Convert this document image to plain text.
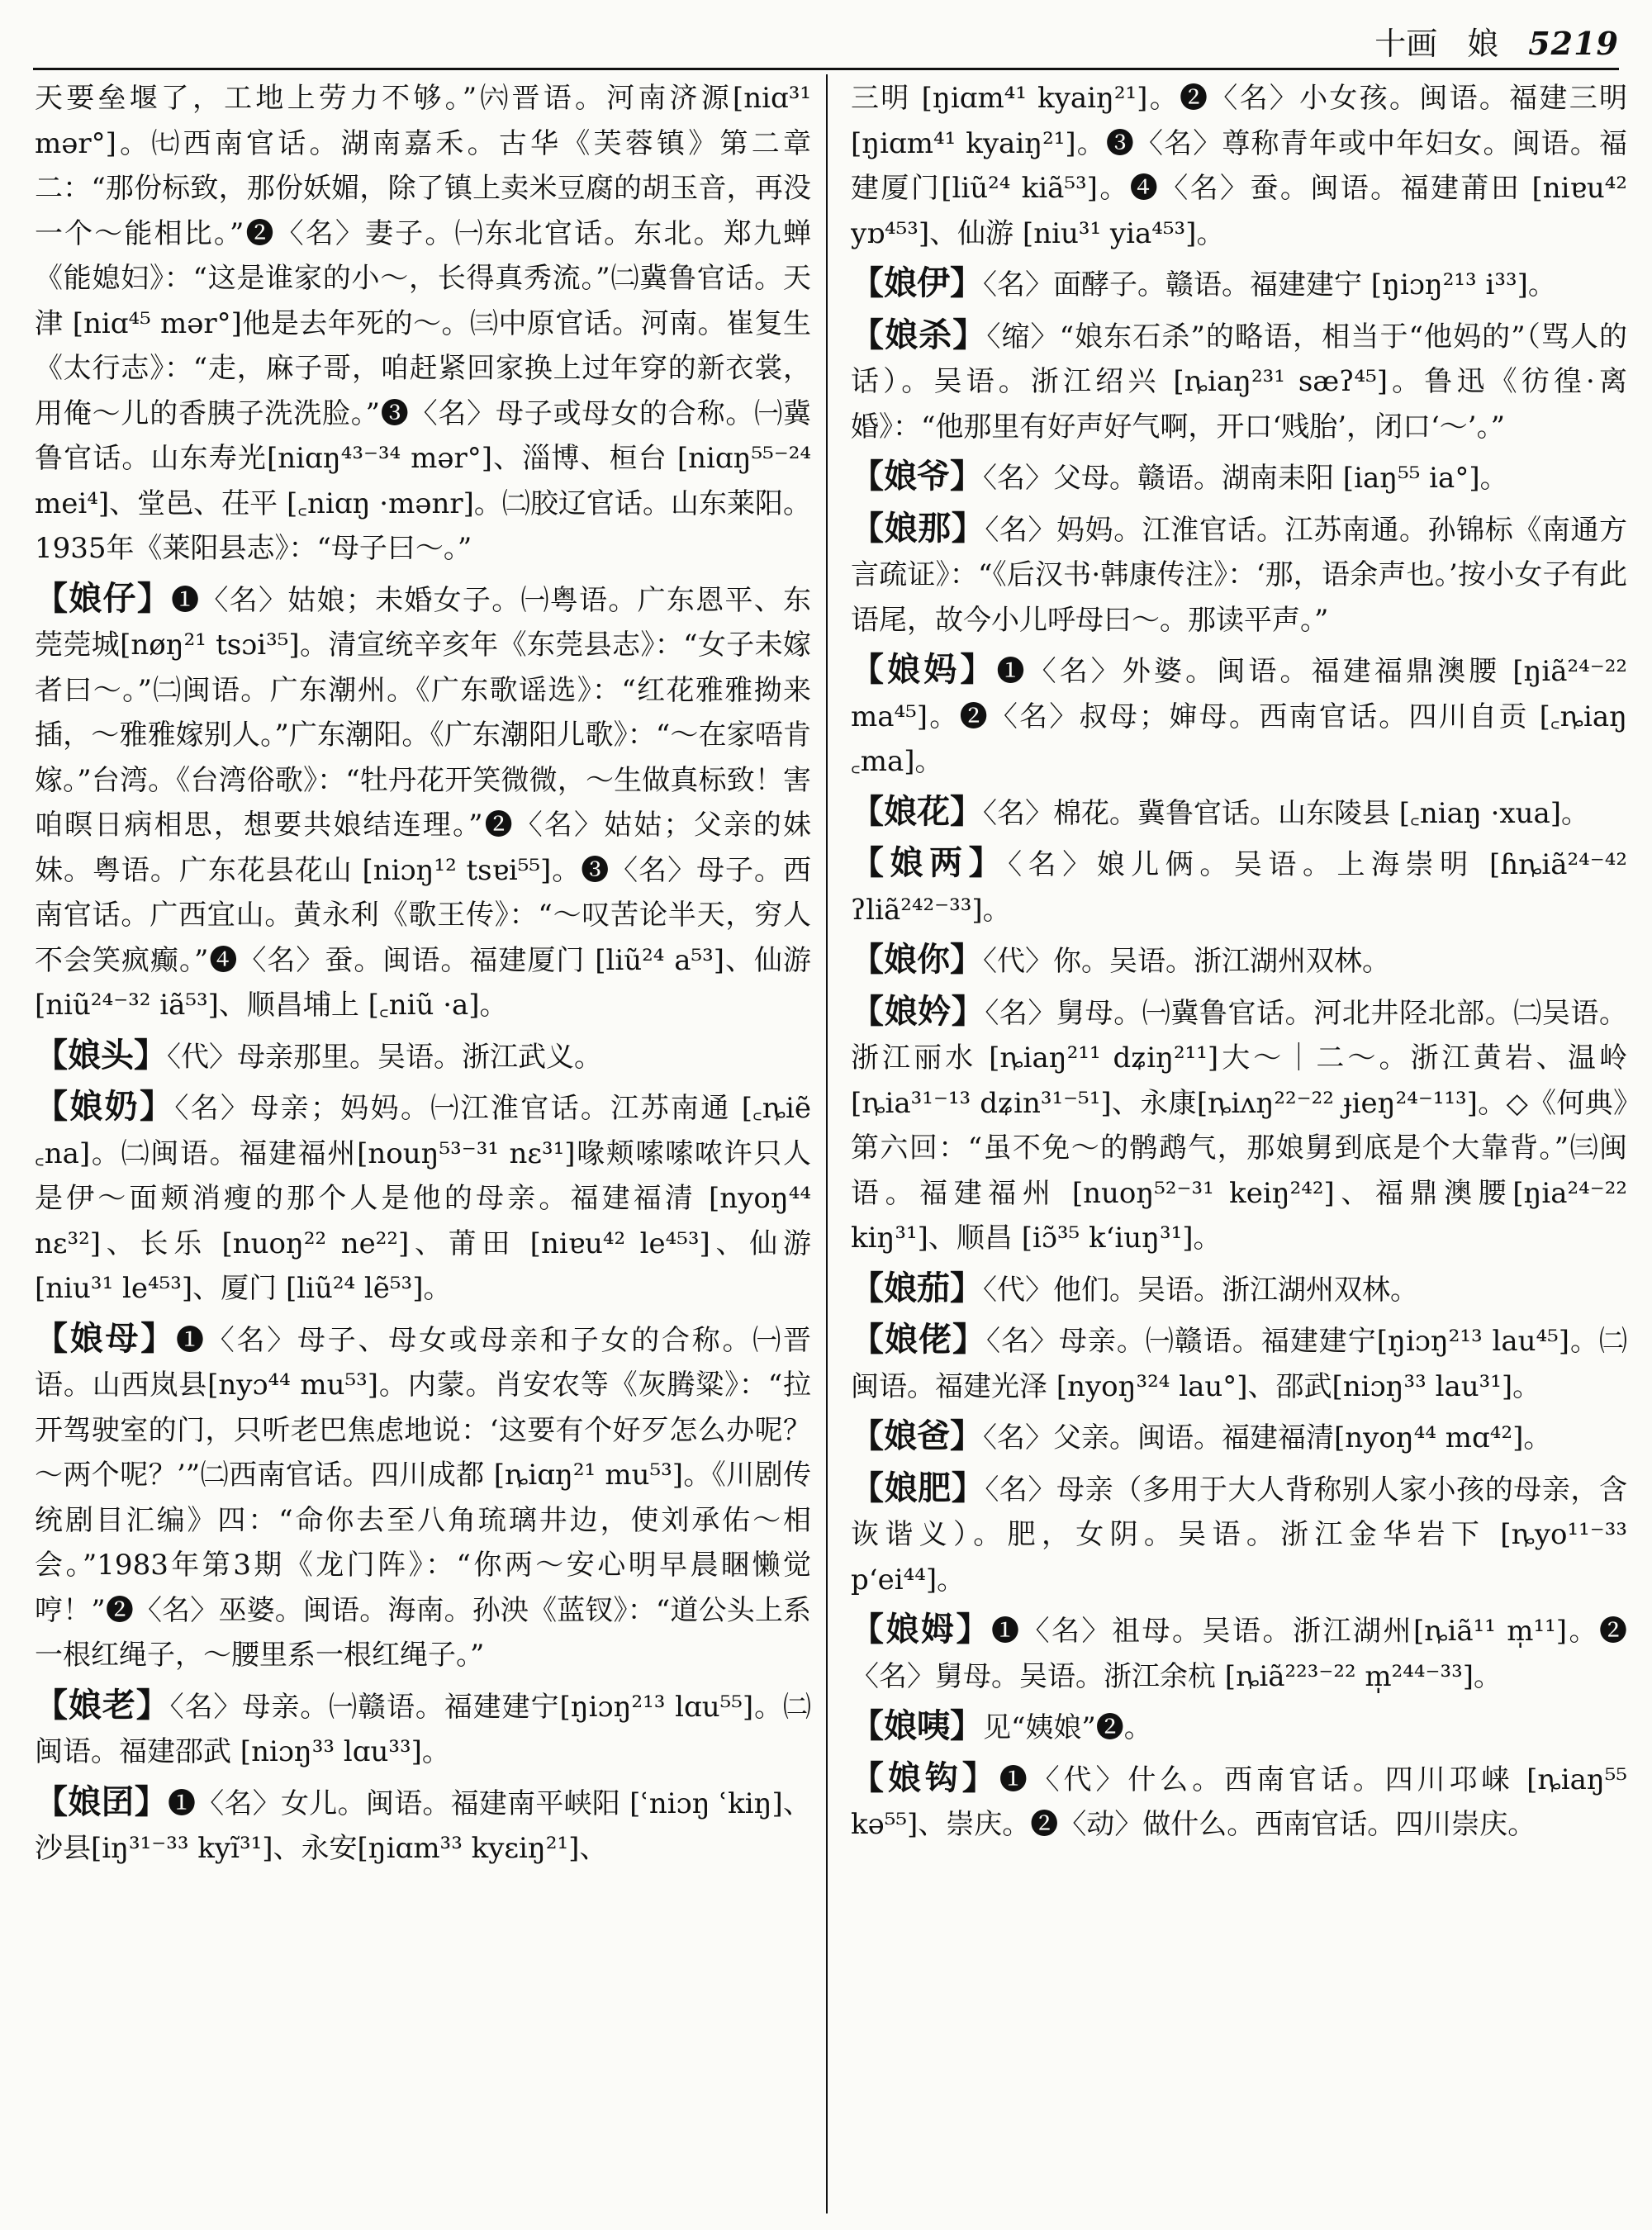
十画 娘 5219

天要垒堰了，工地上劳力不够。”㈥晋语。河南济源[niɑ³¹ mər°]。㈦西南官话。湖南嘉禾。古华《芙蓉镇》第二章二：“那份标致，那份妖媚，除了镇上卖米豆腐的胡玉音，再没一个～能相比。”❷〈名〉妻子。㈠东北官话。东北。郑九蝉《能媳妇》：“这是谁家的小～，长得真秀流。”㈡冀鲁官话。天津 [niɑ⁴⁵ mər°]他是去年死的～。㈢中原官话。河南。崔复生《太行志》：“走，麻子哥，咱赶紧回家换上过年穿的新衣裳，用俺～儿的香胰子洗洗脸。”❸〈名〉母子或母女的合称。㈠冀鲁官话。山东寿光[niɑŋ⁴³⁻³⁴ mər°]、淄博、桓台 [niɑŋ⁵⁵⁻²⁴ mei⁴]、堂邑、茌平 [꜀niɑŋ ·mənr]。㈡胶辽官话。山东莱阳。1935年《莱阳县志》：“母子曰～。”

【娘仔】❶〈名〉姑娘；未婚女子。㈠粤语。广东恩平、东莞莞城[nøŋ²¹ tsɔi³⁵]。清宣统辛亥年《东莞县志》：“女子未嫁者曰～。”㈡闽语。广东潮州。《广东歌谣选》：“红花雅雅拗来插，～雅雅嫁别人。”广东潮阳。《广东潮阳儿歌》：“～在家唔肯嫁。”台湾。《台湾俗歌》：“牡丹花开笑微微，～生做真标致！害咱暝日病相思，想要共娘结连理。”❷〈名〉姑姑；父亲的妹妹。粤语。广东花县花山 [niɔŋ¹² tsɐi⁵⁵]。❸〈名〉母子。西南官话。广西宜山。黄永利《歌王传》：“～叹苦论半天，穷人不会笑疯癫。”❹〈名〉蚕。闽语。福建厦门 [liũ²⁴ a⁵³]、仙游 [niũ²⁴⁻³² iã⁵³]、顺昌埔上 [꜀niũ ·a]。

【娘头】〈代〉母亲那里。吴语。浙江武义。

【娘奶】〈名〉母亲；妈妈。㈠江淮官话。江苏南通 [꜀ȵiẽ ꜀na]。㈡闽语。福建福州[nouŋ⁵³⁻³¹ nɛ³¹]喙颊嗦嗦哝许只人是伊～面颊消瘦的那个人是他的母亲。福建福清 [nyoŋ⁴⁴ nɛ³²]、长乐 [nuoŋ²² ne²²]、莆田 [niɐu⁴² le⁴⁵³]、仙游 [niu³¹ le⁴⁵³]、厦门 [liũ²⁴ lẽ⁵³]。

【娘母】❶〈名〉母子、母女或母亲和子女的合称。㈠晋语。山西岚县[nyɔ⁴⁴ mu⁵³]。内蒙。肖安农等《灰腾粱》：“拉开驾驶室的门，只听老巴焦虑地说：‘这要有个好歹怎么办呢？～两个呢？’”㈡西南官话。四川成都 [ȵiɑŋ²¹ mu⁵³]。《川剧传统剧目汇编》四：“命你去至八角琉璃井边，使刘承佑～相会。”1983年第3期《龙门阵》：“你两～安心明早晨睏懒觉哼！”❷〈名〉巫婆。闽语。海南。孙泱《蓝钗》：“道公头上系一根红绳子，～腰里系一根红绳子。”

【娘老】〈名〉母亲。㈠赣语。福建建宁[ŋiɔŋ²¹³ lɑu⁵⁵]。㈡闽语。福建邵武 [niɔŋ³³ lɑu³³]。

【娘囝】❶〈名〉女儿。闽语。福建南平峡阳 [ʿniɔŋ ʿkiŋ]、沙县[iŋ³¹⁻³³ kyĩ³¹]、永安[ŋiɑm³³ kyɛiŋ²¹]、

三明 [ŋiɑm⁴¹ kyaiŋ²¹]。❷〈名〉小女孩。闽语。福建三明 [ŋiɑm⁴¹ kyaiŋ²¹]。❸〈名〉尊称青年或中年妇女。闽语。福建厦门[liũ²⁴ kiã⁵³]。❹〈名〉蚕。闽语。福建莆田 [niɐu⁴² yɒ⁴⁵³]、仙游 [niu³¹ yia⁴⁵³]。

【娘伊】〈名〉面酵子。赣语。福建建宁 [ŋiɔŋ²¹³ i³³]。

【娘杀】〈缩〉“娘东石杀”的略语，相当于“他妈的”（骂人的话）。吴语。浙江绍兴 [ȵiaŋ²³¹ sæʔ⁴⁵]。鲁迅《彷徨·离婚》：“他那里有好声好气啊，开口‘贱胎’，闭口‘～’。”

【娘爷】〈名〉父母。赣语。湖南耒阳 [iaŋ⁵⁵ ia°]。

【娘那】〈名〉妈妈。江淮官话。江苏南通。孙锦标《南通方言疏证》：“《后汉书·韩康传注》：‘那，语余声也。’按小女子有此语尾，故今小儿呼母曰～。那读平声。”

【娘妈】❶〈名〉外婆。闽语。福建福鼎澳腰 [ŋiã²⁴⁻²² ma⁴⁵]。❷〈名〉叔母；婶母。西南官话。四川自贡 [꜀ȵiaŋ ꜀ma]。

【娘花】〈名〉棉花。冀鲁官话。山东陵县 [꜀niaŋ ·xua]。

【娘两】〈名〉娘儿俩。吴语。上海崇明 [ɦȵiã²⁴⁻⁴² ʔliã²⁴²⁻³³]。

【娘你】〈代〉你。吴语。浙江湖州双林。

【娘妗】〈名〉舅母。㈠冀鲁官话。河北井陉北部。㈡吴语。浙江丽水 [ȵiaŋ²¹¹ dʑiŋ²¹¹]大～｜二～。浙江黄岩、温岭[ȵia³¹⁻¹³ dʑin³¹⁻⁵¹]、永康[ȵiʌŋ²²⁻²² ɟieŋ²⁴⁻¹¹³]。◇《何典》第六回：“虽不免～的鹘鹉气，那娘舅到底是个大靠背。”㈢闽语。福建福州 [nuoŋ⁵²⁻³¹ keiŋ²⁴²]、福鼎澳腰[ŋia²⁴⁻²² kiŋ³¹]、顺昌 [iɔ̃³⁵ kʻiuŋ³¹]。

【娘茄】〈代〉他们。吴语。浙江湖州双林。

【娘佬】〈名〉母亲。㈠赣语。福建建宁[ŋiɔŋ²¹³ lau⁴⁵]。㈡闽语。福建光泽 [nyoŋ³²⁴ lau°]、邵武[niɔŋ³³ lau³¹]。

【娘爸】〈名〉父亲。闽语。福建福清[nyoŋ⁴⁴ mɑ⁴²]。

【娘肥】〈名〉母亲（多用于大人背称别人家小孩的母亲，含诙谐义）。肥，女阴。吴语。浙江金华岩下 [ȵyo¹¹⁻³³ pʻei⁴⁴]。

【娘姆】❶〈名〉祖母。吴语。浙江湖州[ȵiã¹¹ m̩¹¹]。❷〈名〉舅母。吴语。浙江余杭 [ȵiã²²³⁻²² m̩²⁴⁴⁻³³]。

【娘咦】见“姨娘”❷。

【娘钩】❶〈代〉什么。西南官话。四川邛崃 [ȵiaŋ⁵⁵ kə⁵⁵]、崇庆。❷〈动〉做什么。西南官话。四川崇庆。
